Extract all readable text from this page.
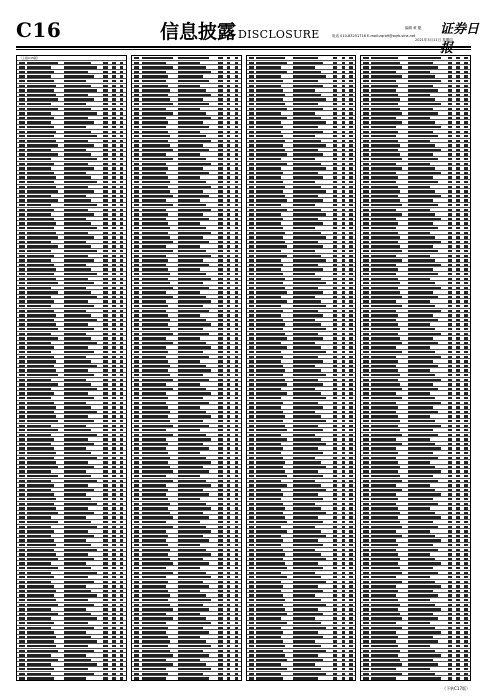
C16	信息披露 DISCLOSURE	编辑 黄 婕
电话 010-83251716 E-mail:zqrb9@zqrb.sina.net 证券日
2021年3月11日 星期四
（上接C15版）
（下转C17版）
